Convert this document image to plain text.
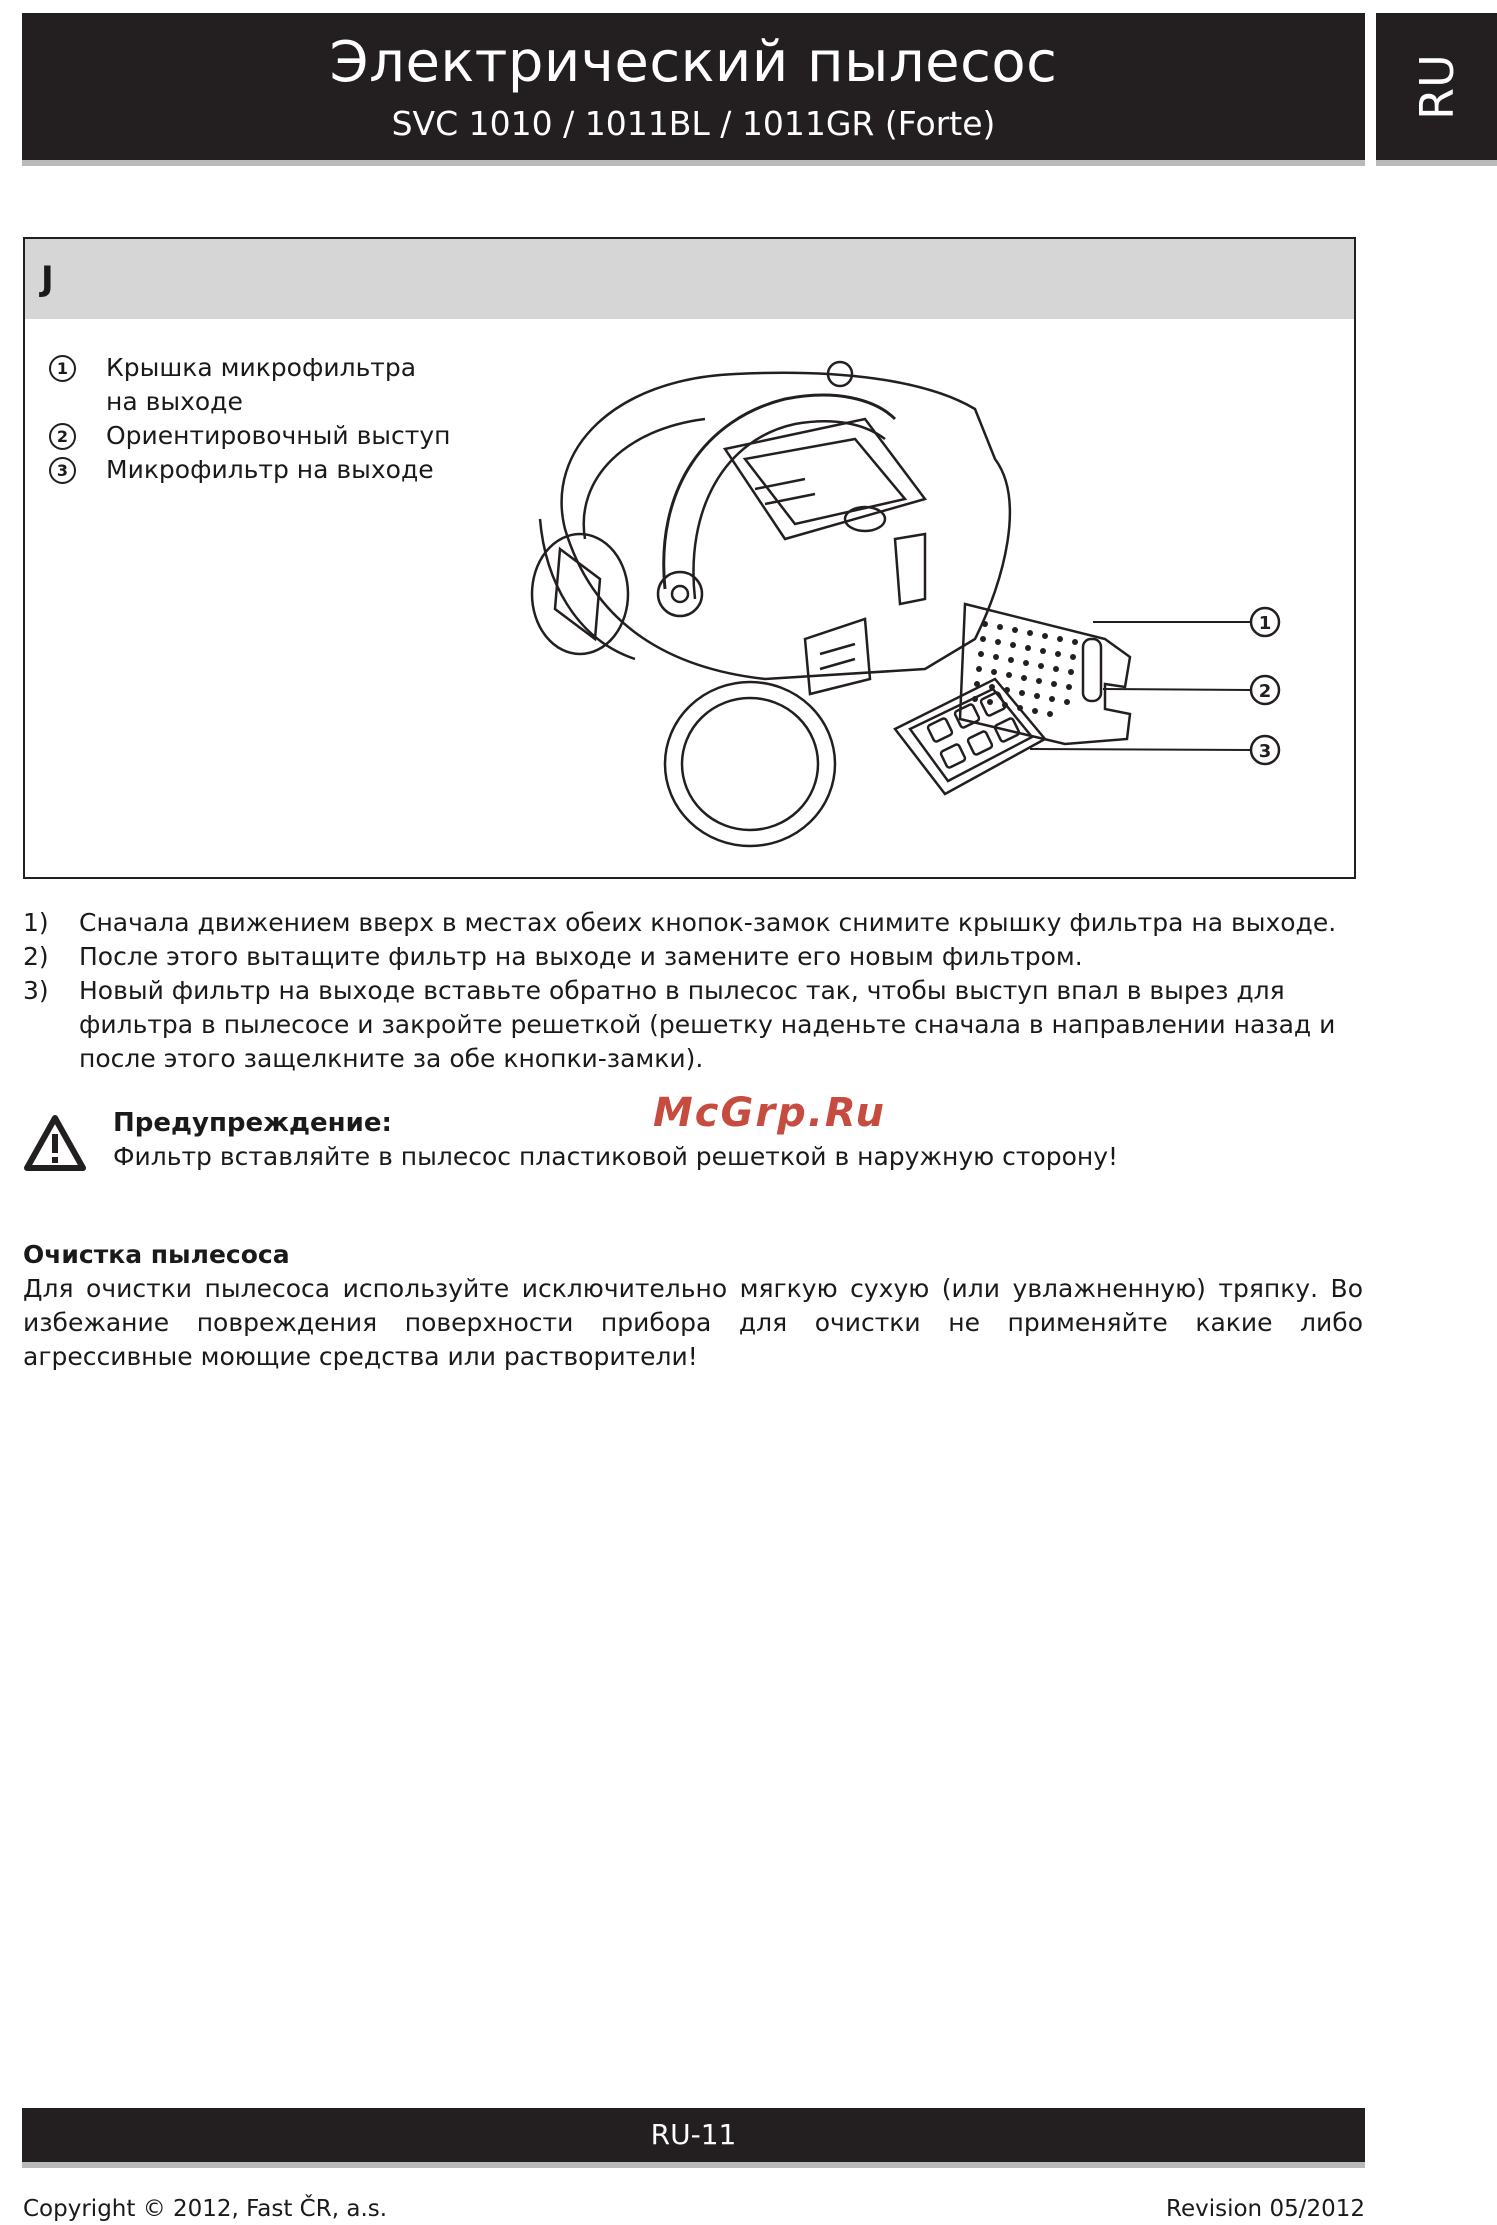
Электрический пылесос
SVC 1010 / 1011BL / 1011GR (Forte)
RU
J
1	Крышка микрофильтра
на выходе
2	Ориентировочный выступ
3	Микрофильтр на выходе
1
2
3
1)	Сначала движением вверх в местах обеих кнопок-замок снимите крышку фильтра на выходе.
2)	После этого вытащите фильтр на выходе и замените его новым фильтром.
3)	Новый фильтр на выходе вставьте обратно в пылесос так, чтобы выступ впал в вырез для фильтра в пылесосе и закройте решеткой (решетку наденьте сначала в направлении назад и после этого защелкните за обе кнопки-замки).
Предупреждение:
Фильтр вставляйте в пылесос пластиковой решеткой в наружную сторону!
McGrp.Ru
Очистка пылесоса
Для очистки пылесоса используйте исключительно мягкую сухую (или увлажненную) тряпку. Во избежание повреждения поверхности прибора для очистки не применяйте какие либо агрессивные моющие средства или растворители!
RU-11
Copyright © 2012, Fast ČR, a.s.	Revision 05/2012
